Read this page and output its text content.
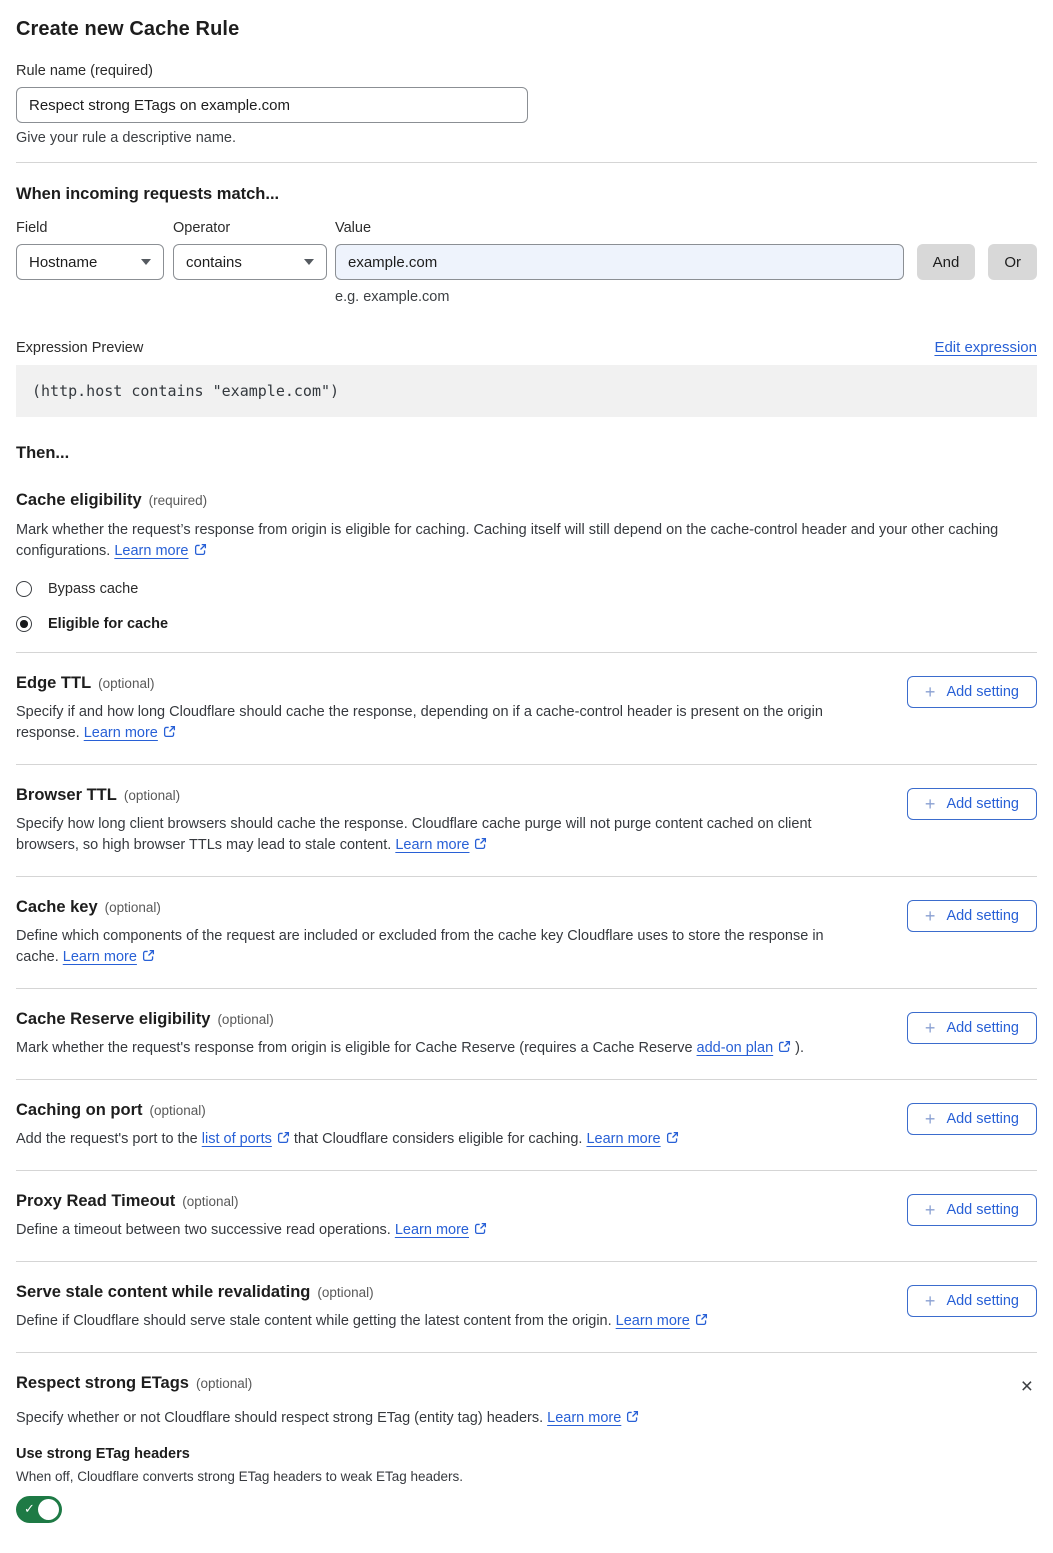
Create new Cache Rule
Rule name (required)
Respect strong ETags on example.com
Give your rule a descriptive name.
When incoming requests match...
Field
Hostname
Operator
contains
Value
example.com
And	Or
e.g. example.com
Expression Preview	Edit expression
(http.host contains "example.com")
Then...
Cache eligibility (required)

Mark whether the request’s response from origin is eligible for caching. Caching itself will still depend on the cache-control header and your other caching configurations. Learn more

Bypass cache
Eligible for cache
Edge TTL (optional)

Specify if and how long Cloudflare should cache the response, depending on if a cache-control header is present on the origin response. Learn more

+ Add setting
Browser TTL (optional)

Specify how long client browsers should cache the response. Cloudflare cache purge will not purge content cached on client browsers, so high browser TTLs may lead to stale content. Learn more

+ Add setting
Cache key (optional)

Define which components of the request are included or excluded from the cache key Cloudflare uses to store the response in cache. Learn more

+ Add setting
Cache Reserve eligibility (optional)

Mark whether the request's response from origin is eligible for Cache Reserve (requires a Cache Reserve add-on plan ).

+ Add setting
Caching on port (optional)

Add the request's port to the list of ports that Cloudflare considers eligible for caching. Learn more

+ Add setting
Proxy Read Timeout (optional)

Define a timeout between two successive read operations. Learn more

+ Add setting
Serve stale content while revalidating (optional)

Define if Cloudflare should serve stale content while getting the latest content from the origin. Learn more

+ Add setting
Respect strong ETags (optional)	×

Specify whether or not Cloudflare should respect strong ETag (entity tag) headers. Learn more

Use strong ETag headers
When off, Cloudflare converts strong ETag headers to weak ETag headers.
✓
